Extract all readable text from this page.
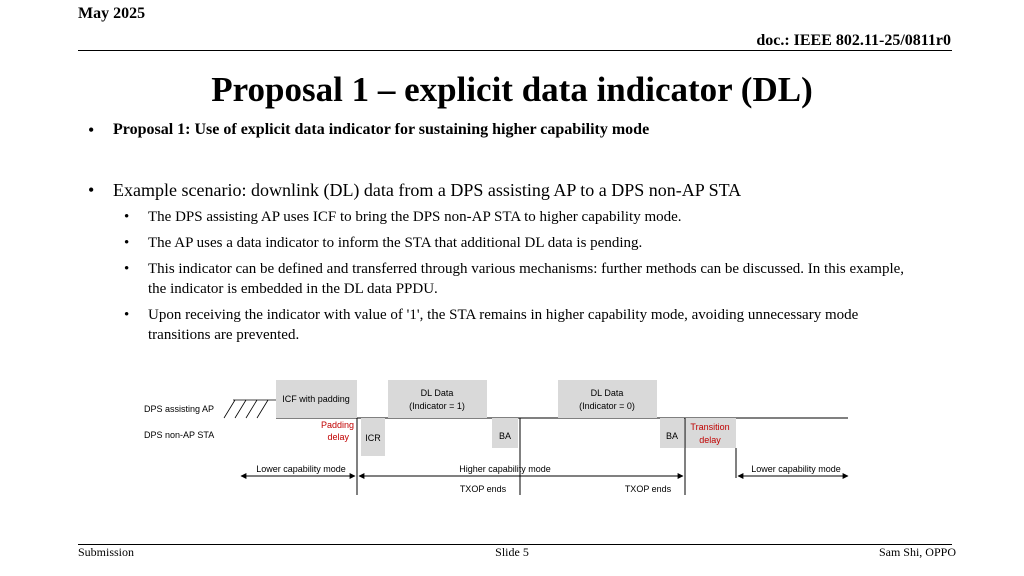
May 2025
doc.: IEEE 802.11-25/0811r0
Proposal 1 – explicit data indicator (DL)
• Proposal 1: Use of explicit data indicator for sustaining higher capability mode
• Example scenario: downlink (DL) data from a DPS assisting AP to a DPS non-AP STA
• The DPS assisting AP uses ICF to bring the DPS non-AP STA to higher capability mode.
• The AP uses a data indicator to inform the STA that additional DL data is pending.
• This indicator can be defined and transferred through various mechanisms: further methods can be discussed. In this example, the indicator is embedded in the DL data PPDU.
• Upon receiving the indicator with value of '1', the STA remains in higher capability mode, avoiding unnecessary mode transitions are prevented.
DPS assisting AP
DPS non-AP STA
ICF with padding
DL Data
(Indicator = 1)
DL Data
(Indicator = 0)
ICR	BA	BA
Transition
delay
Padding
delay
Lower capability mode	Higher capability mode	Lower capability mode
TXOP ends	TXOP ends
Submission	Slide 5	Sam Shi, OPPO
